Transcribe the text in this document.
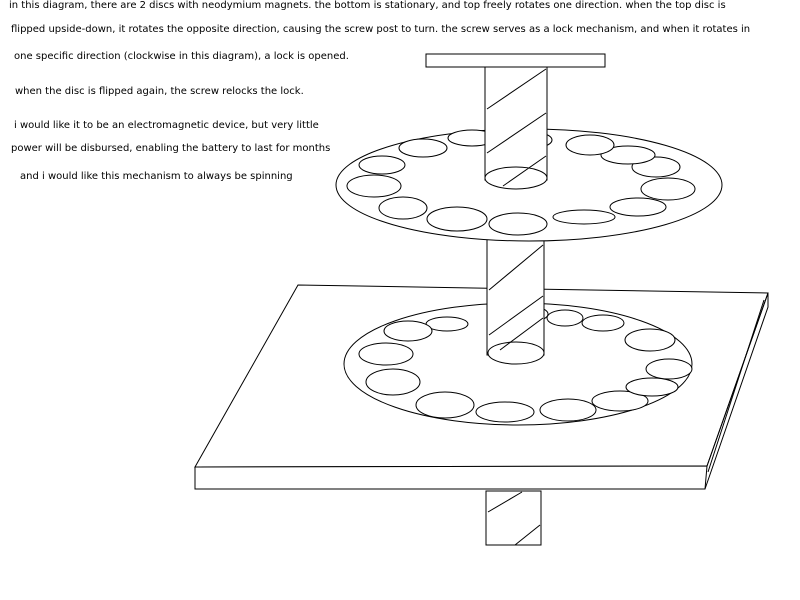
in this diagram, there are 2 discs with neodymium magnets. the bottom is stationary, and top freely rotates one direction. when the top disc is
flipped upside-down, it rotates the opposite direction, causing the screw post to turn. the screw serves as a lock mechanism, and when it rotates in
one specific direction (clockwise in this diagram), a lock is opened.
when the disc is flipped again, the screw relocks the lock.
i would like it to be an electromagnetic device, but very little
power will be disbursed, enabling the battery to last for months
and i would like this mechanism to always be spinning
